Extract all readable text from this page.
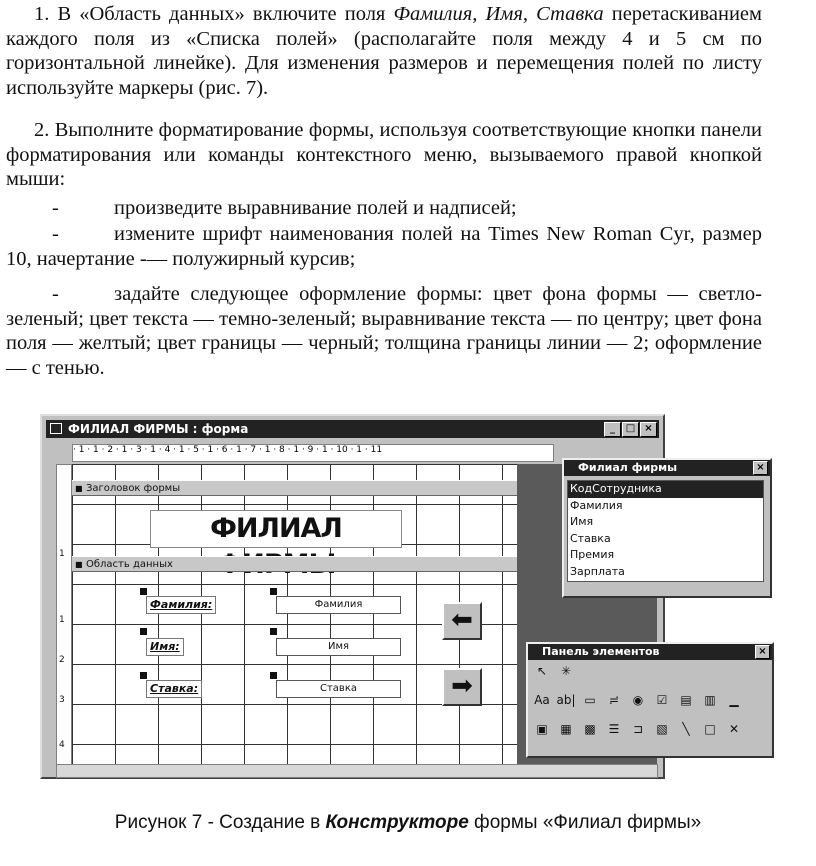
1. В «Область данных» включите поля Фамилия, Имя, Ставка перетаскиванием каждого поля из «Списка полей» (располагайте поля между 4 и 5 см по горизонтальной линейке). Для изменения размеров и перемещения полей по листу используйте маркеры (рис. 7).
2. Выполните форматирование формы, используя соответствующие кнопки панели форматирования или команды контекстного меню, вызываемого правой кнопкой мыши:
-	произведите выравнивание полей и надписей;
-	измените шрифт наименования полей на Times New Roman Cyr, размер 10, начертание -— полужирный курсив;
-	задайте следующее оформление формы: цвет фона формы — светло-зеленый; цвет текста — темно-зеленый; выравнивание текста — по центру; цвет фона поля — желтый; цвет границы — черный; толщина границы линии — 2; оформление — с тенью.
ФИЛИАЛ ФИРМЫ : форма	_	□ ×
· 1 · 1 · 2 · 1 · 3 · 1 · 4 · 1 · 5 · 1 · 6 · 1 · 7 · 1 · 8 · 1 · 9 · 1 · 10 · 1 · 11
1
1
2
3
4
■ Заголовок формы
ФИЛИАЛ
■ Область данных
Фамилия:	Фамилия
Имя:	Имя
Ставка:	Ставка
⬅
➡
Филиал фирмы	×
КодСотрудника
Фамилия
Имя
Ставка
Премия
Зарплата
Панель элементов	×
↖ ✳
Aa ab| ▭ ≓ ◉ ☑ ▤ ▥ ▁
▣ ▦ ▩ ☰ ⊐ ▧ ╲ □ ✕
Рисунок 7 - Создание в Конструкторе формы «Филиал фирмы»
